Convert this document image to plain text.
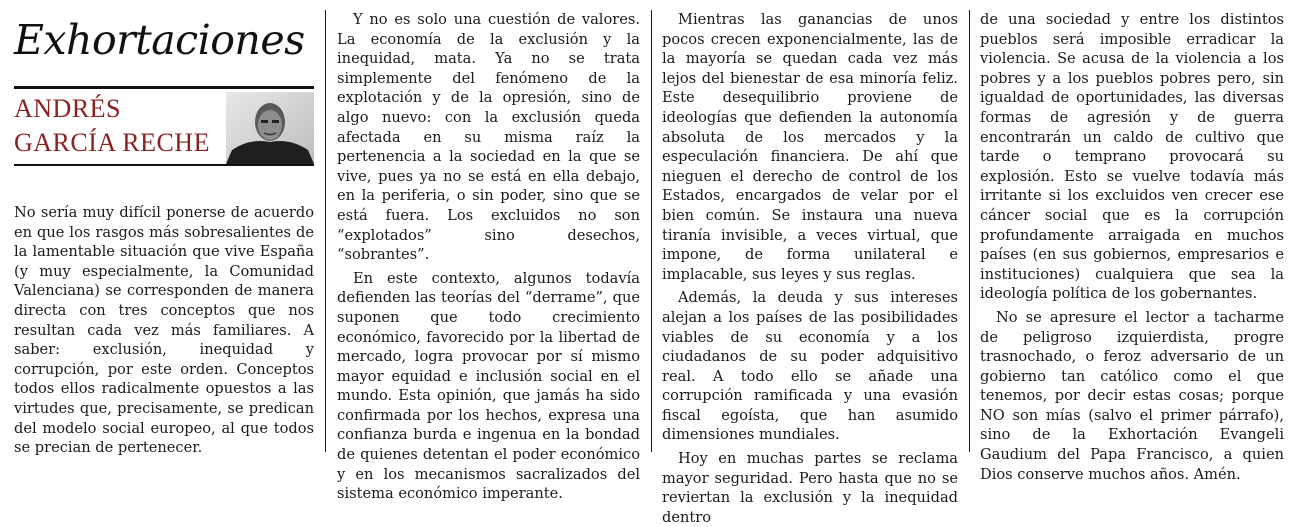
Exhortaciones
ANDRÉS
GARCÍA RECHE

No sería muy difícil ponerse de acuerdo en que los rasgos más sobresalientes de la lamentable situación que vive España (y muy especialmente, la Comunidad Valenciana) se corresponden de manera directa con tres conceptos que nos resultan cada vez más familiares. A saber: exclusión, inequidad y corrupción, por este orden. Conceptos todos ellos radicalmente opuestos a las virtudes que, precisamente, se predican del modelo social europeo, al que todos se precian de pertenecer.

Y no es solo una cuestión de valores. La economía de la exclusión y la inequidad, mata. Ya no se trata simplemente del fenómeno de la explotación y de la opresión, sino de algo nuevo: con la exclusión queda afectada en su misma raíz la pertenencia a la sociedad en la que se vive, pues ya no se está en ella debajo, en la periferia, o sin poder, sino que se está fuera. Los excluidos no son “explotados” sino desechos, “sobrantes”.

En este contexto, algunos todavía defienden las teorías del “derrame”, que suponen que todo crecimiento económico, favorecido por la libertad de mercado, logra provocar por sí mismo mayor equidad e inclusión social en el mundo. Esta opinión, que jamás ha sido confirmada por los hechos, expresa una confianza burda e ingenua en la bondad de quienes detentan el poder económico y en los mecanismos sacralizados del sistema económico imperante.

Mientras las ganancias de unos pocos crecen exponencialmente, las de la mayoría se quedan cada vez más lejos del bienestar de esa minoría feliz. Este desequilibrio proviene de ideologías que defienden la autonomía absoluta de los mercados y la especulación financiera. De ahí que nieguen el derecho de control de los Estados, encargados de velar por el bien común. Se instaura una nueva tiranía invisible, a veces virtual, que impone, de forma unilateral e implacable, sus leyes y sus reglas.

Además, la deuda y sus intereses alejan a los países de las posibilidades viables de su economía y a los ciudadanos de su poder adquisitivo real. A todo ello se añade una corrupción ramificada y una evasión fiscal egoísta, que han asumido dimensiones mundiales.

Hoy en muchas partes se reclama mayor seguridad. Pero hasta que no se reviertan la exclusión y la inequidad dentro

de una sociedad y entre los distintos pueblos será imposible erradicar la violencia. Se acusa de la violencia a los pobres y a los pueblos pobres pero, sin igualdad de oportunidades, las diversas formas de agresión y de guerra encontrarán un caldo de cultivo que tarde o temprano provocará su explosión. Esto se vuelve todavía más irritante si los excluidos ven crecer ese cáncer social que es la corrupción profundamente arraigada en muchos países (en sus gobiernos, empresarios e instituciones) cualquiera que sea la ideología política de los gobernantes.

No se apresure el lector a tacharme de peligroso izquierdista, progre trasnochado, o feroz adversario de un gobierno tan católico como el que tenemos, por decir estas cosas; porque NO son mías (salvo el primer párrafo), sino de la Exhortación Evangeli Gaudium del Papa Francisco, a quien Dios conserve muchos años. Amén.
